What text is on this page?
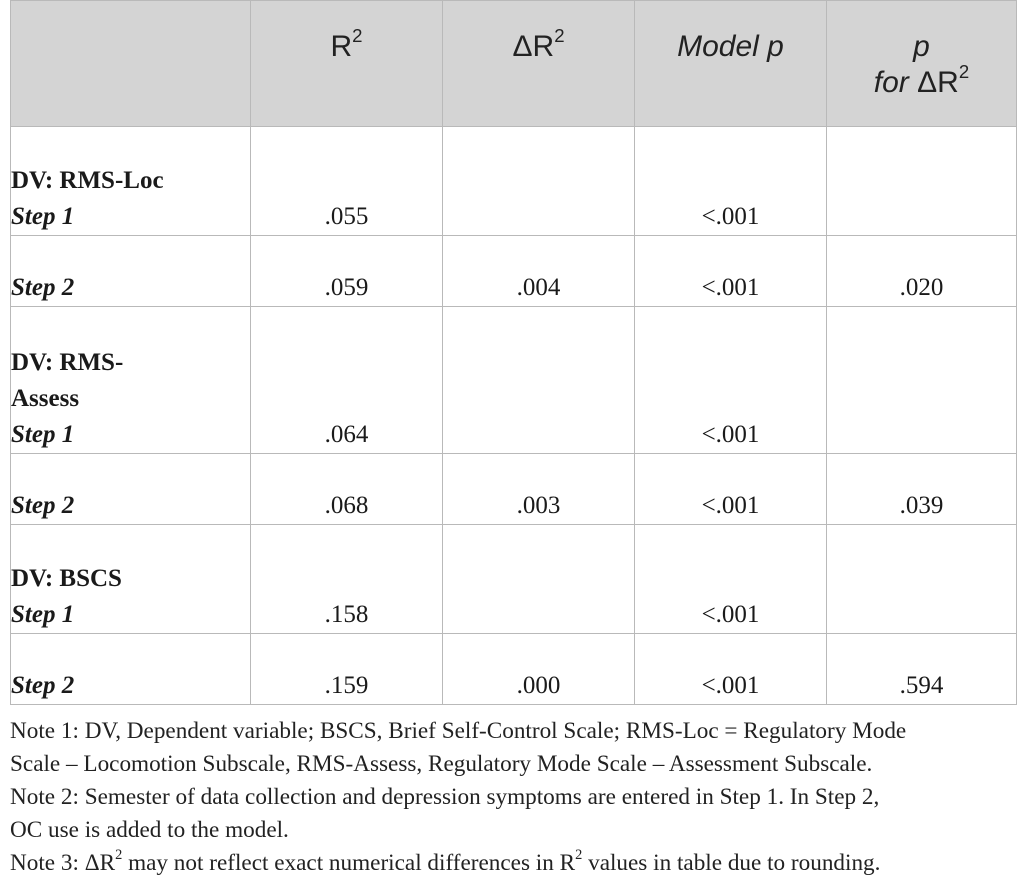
	$R^2$	$\Delta R^2$	Model p	p
for $\Delta R^2$

DV: RMS-Loc
Step 1	.055		<.001	

Step 2	.059	.004	<.001	.020

DV: RMS-
Assess
Step 1	.064		<.001	

Step 2	.068	.003	<.001	.039

DV: BSCS
Step 1	.158		<.001	

Step 2	.159	.000	<.001	.594

Note 1: DV, Dependent variable; BSCS, Brief Self-Control Scale; RMS-Loc = Regulatory Mode

Scale – Locomotion Subscale, RMS-Assess, Regulatory Mode Scale – Assessment Subscale.

Note 2: Semester of data collection and depression symptoms are entered in Step 1. In Step 2,

OC use is added to the model.

Note 3: $\Delta R^2$ may not reflect exact numerical differences in $R^2$ values in table due to rounding.
